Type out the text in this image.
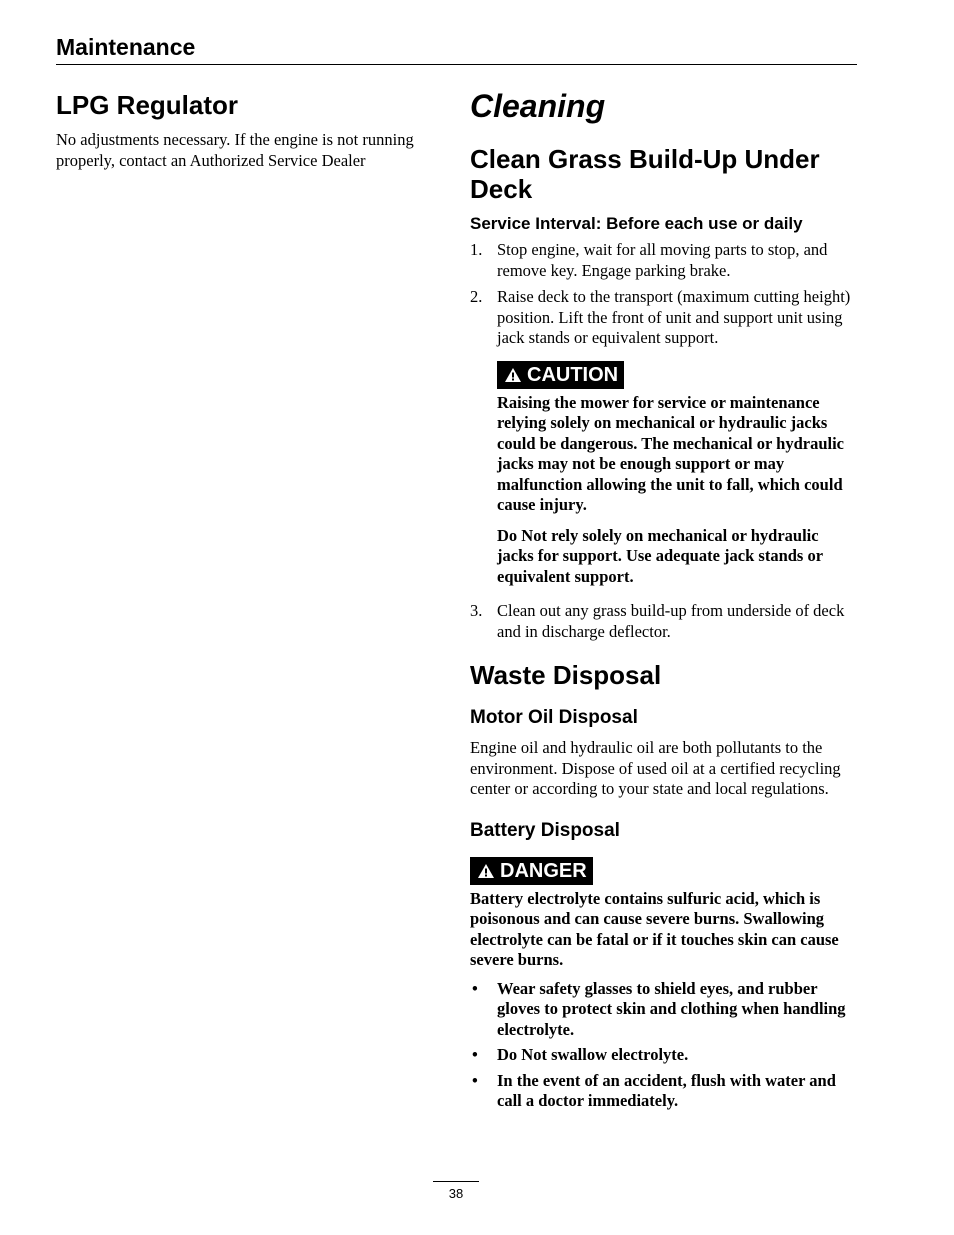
Maintenance
LPG Regulator

No adjustments necessary. If the engine is not running properly, contact an Authorized Service Dealer

Cleaning
Clean Grass Build-Up Under Deck
Service Interval: Before each use or daily
1. Stop engine, wait for all moving parts to stop, and remove key. Engage parking brake.
2. Raise deck to the transport (maximum cutting height) position. Lift the front of unit and support unit using jack stands or equivalent support.
CAUTION

Raising the mower for service or maintenance relying solely on mechanical or hydraulic jacks could be dangerous. The mechanical or hydraulic jacks may not be enough support or may malfunction allowing the unit to fall, which could cause injury.

Do Not rely solely on mechanical or hydraulic jacks for support. Use adequate jack stands or equivalent support.

3. Clean out any grass build-up from underside of deck and in discharge deflector.
Waste Disposal
Motor Oil Disposal

Engine oil and hydraulic oil are both pollutants to the environment. Dispose of used oil at a certified recycling center or according to your state and local regulations.

Battery Disposal
DANGER

Battery electrolyte contains sulfuric acid, which is poisonous and can cause severe burns. Swallowing electrolyte can be fatal or if it touches skin can cause severe burns.

• Wear safety glasses to shield eyes, and rubber gloves to protect skin and clothing when handling electrolyte.
• Do Not swallow electrolyte.
• In the event of an accident, flush with water and call a doctor immediately.
38
